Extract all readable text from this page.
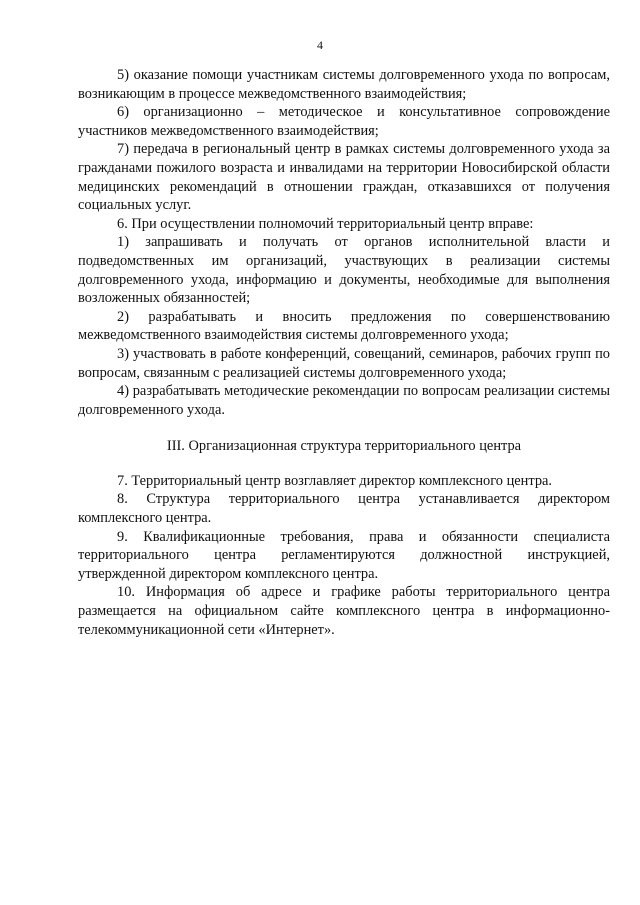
4

5) оказание помощи участникам системы долговременного ухода по вопросам, возникающим в процессе межведомственного взаимодействия;

6) организационно – методическое и консультативное сопровождение участников межведомственного взаимодействия;

7) передача в региональный центр в рамках системы долговременного ухода за гражданами пожилого возраста и инвалидами на территории Новосибирской области медицинских рекомендаций в отношении граждан, отказавшихся от получения социальных услуг.

6. При осуществлении полномочий территориальный центр вправе:

1) запрашивать и получать от органов исполнительной власти и подведомственных им организаций, участвующих в реализации системы долговременного ухода, информацию и документы, необходимые для выполнения возложенных обязанностей;

2) разрабатывать и вносить предложения по совершенствованию межведомственного взаимодействия системы долговременного ухода;

3) участвовать в работе конференций, совещаний, семинаров, рабочих групп по вопросам, связанным с реализацией системы долговременного ухода;

4) разрабатывать методические рекомендации по вопросам реализации системы долговременного ухода.

III. Организационная структура территориального центра

7. Территориальный центр возглавляет директор комплексного центра.

8. Структура территориального центра устанавливается директором комплексного центра.

9. Квалификационные требования, права и обязанности специалиста территориального центра регламентируются должностной инструкцией, утвержденной директором комплексного центра.

10. Информация об адресе и графике работы территориального центра размещается на официальном сайте комплексного центра в информационно-телекоммуникационной сети «Интернет».
